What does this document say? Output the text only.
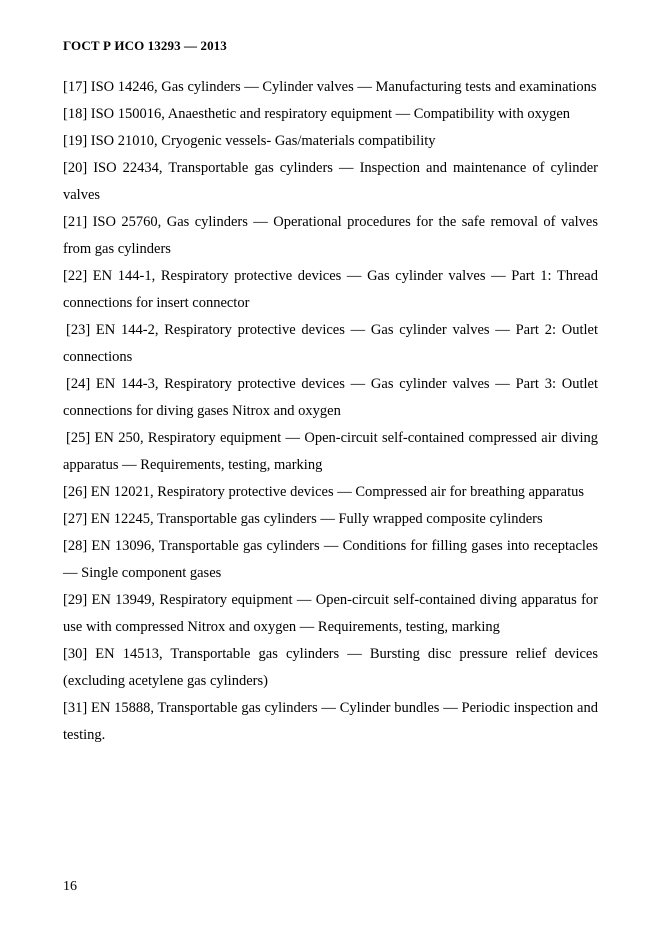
ГОСТ Р ИСО 13293 — 2013

[17] ISO 14246, Gas cylinders — Cylinder valves — Manufacturing tests and examinations

[18] ISO 150016, Anaesthetic and respiratory equipment — Compatibility with oxygen

[19] ISO 21010, Cryogenic vessels- Gas/materials compatibility

[20] ISO 22434, Transportable gas cylinders — Inspection and maintenance of cylinder valves

[21] ISO 25760, Gas cylinders — Operational procedures for the safe removal of valves from gas cylinders

[22] EN 144-1, Respiratory protective devices — Gas cylinder valves — Part 1: Thread connections for insert connector

[23] EN 144-2, Respiratory protective devices — Gas cylinder valves — Part 2: Outlet connections

[24] EN 144-3, Respiratory protective devices — Gas cylinder valves — Part 3: Outlet connections for diving gases Nitrox and oxygen

[25] EN 250, Respiratory equipment — Open-circuit self-contained compressed air diving apparatus — Requirements, testing, marking

[26] EN 12021, Respiratory protective devices — Compressed air for breathing apparatus

[27] EN 12245, Transportable gas cylinders — Fully wrapped composite cylinders

[28] EN 13096, Transportable gas cylinders — Conditions for filling gases into receptacles — Single component gases

[29] EN 13949, Respiratory equipment — Open-circuit self-contained diving apparatus for use with compressed Nitrox and oxygen — Requirements, testing, marking

[30] EN 14513, Transportable gas cylinders — Bursting disc pressure relief devices (excluding acetylene gas cylinders)

[31] EN 15888, Transportable gas cylinders — Cylinder bundles — Periodic inspection and testing.

16
